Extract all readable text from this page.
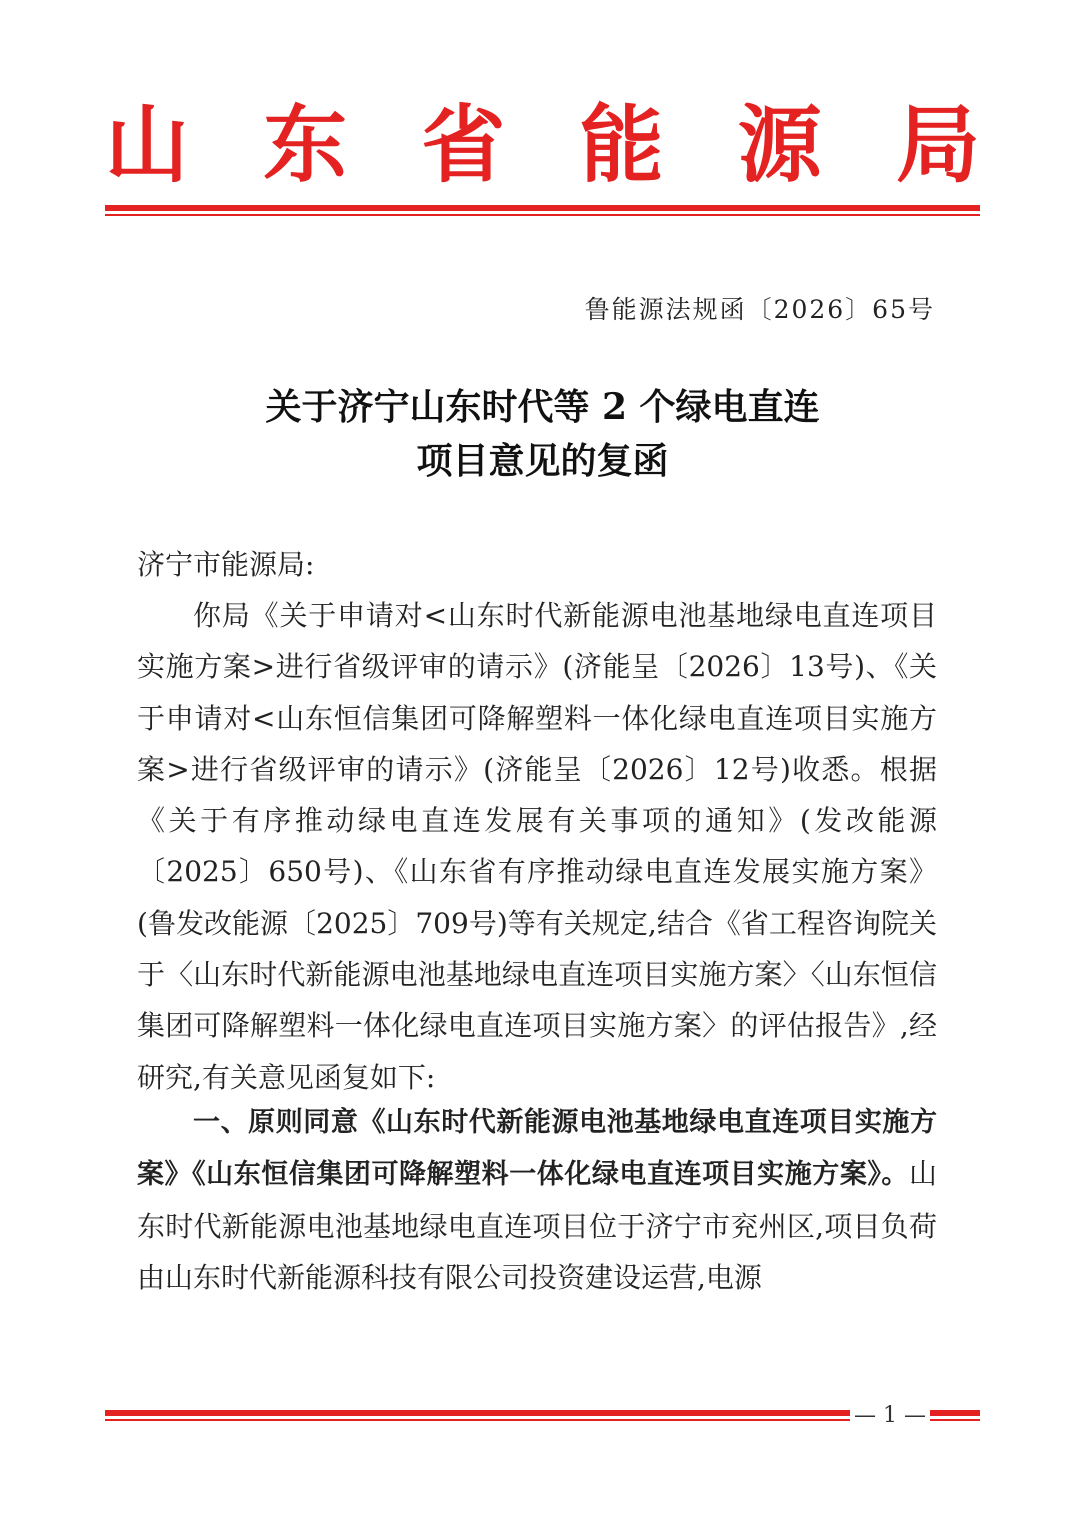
山 东 省 能 源 局
鲁能源法规函〔2026〕65号
关于济宁山东时代等 2 个绿电直连
项目意见的复函
济宁市能源局:
你局《关于申请对<山东时代新能源电池基地绿电直连项目实施方案>进行省级评审的请示》(济能呈〔2026〕13号)、《关于申请对<山东恒信集团可降解塑料一体化绿电直连项目实施方案>进行省级评审的请示》(济能呈〔2026〕12号)收悉。根据《关于有序推动绿电直连发展有关事项的通知》(发改能源〔2025〕650号)、《山东省有序推动绿电直连发展实施方案》(鲁发改能源〔2025〕709号)等有关规定,结合《省工程咨询院关于〈山东时代新能源电池基地绿电直连项目实施方案〉〈山东恒信集团可降解塑料一体化绿电直连项目实施方案〉的评估报告》,经研究,有关意见函复如下:
一、原则同意《山东时代新能源电池基地绿电直连项目实施方案》《山东恒信集团可降解塑料一体化绿电直连项目实施方案》。山东时代新能源电池基地绿电直连项目位于济宁市兖州区,项目负荷由山东时代新能源科技有限公司投资建设运营,电源
— 1 —
